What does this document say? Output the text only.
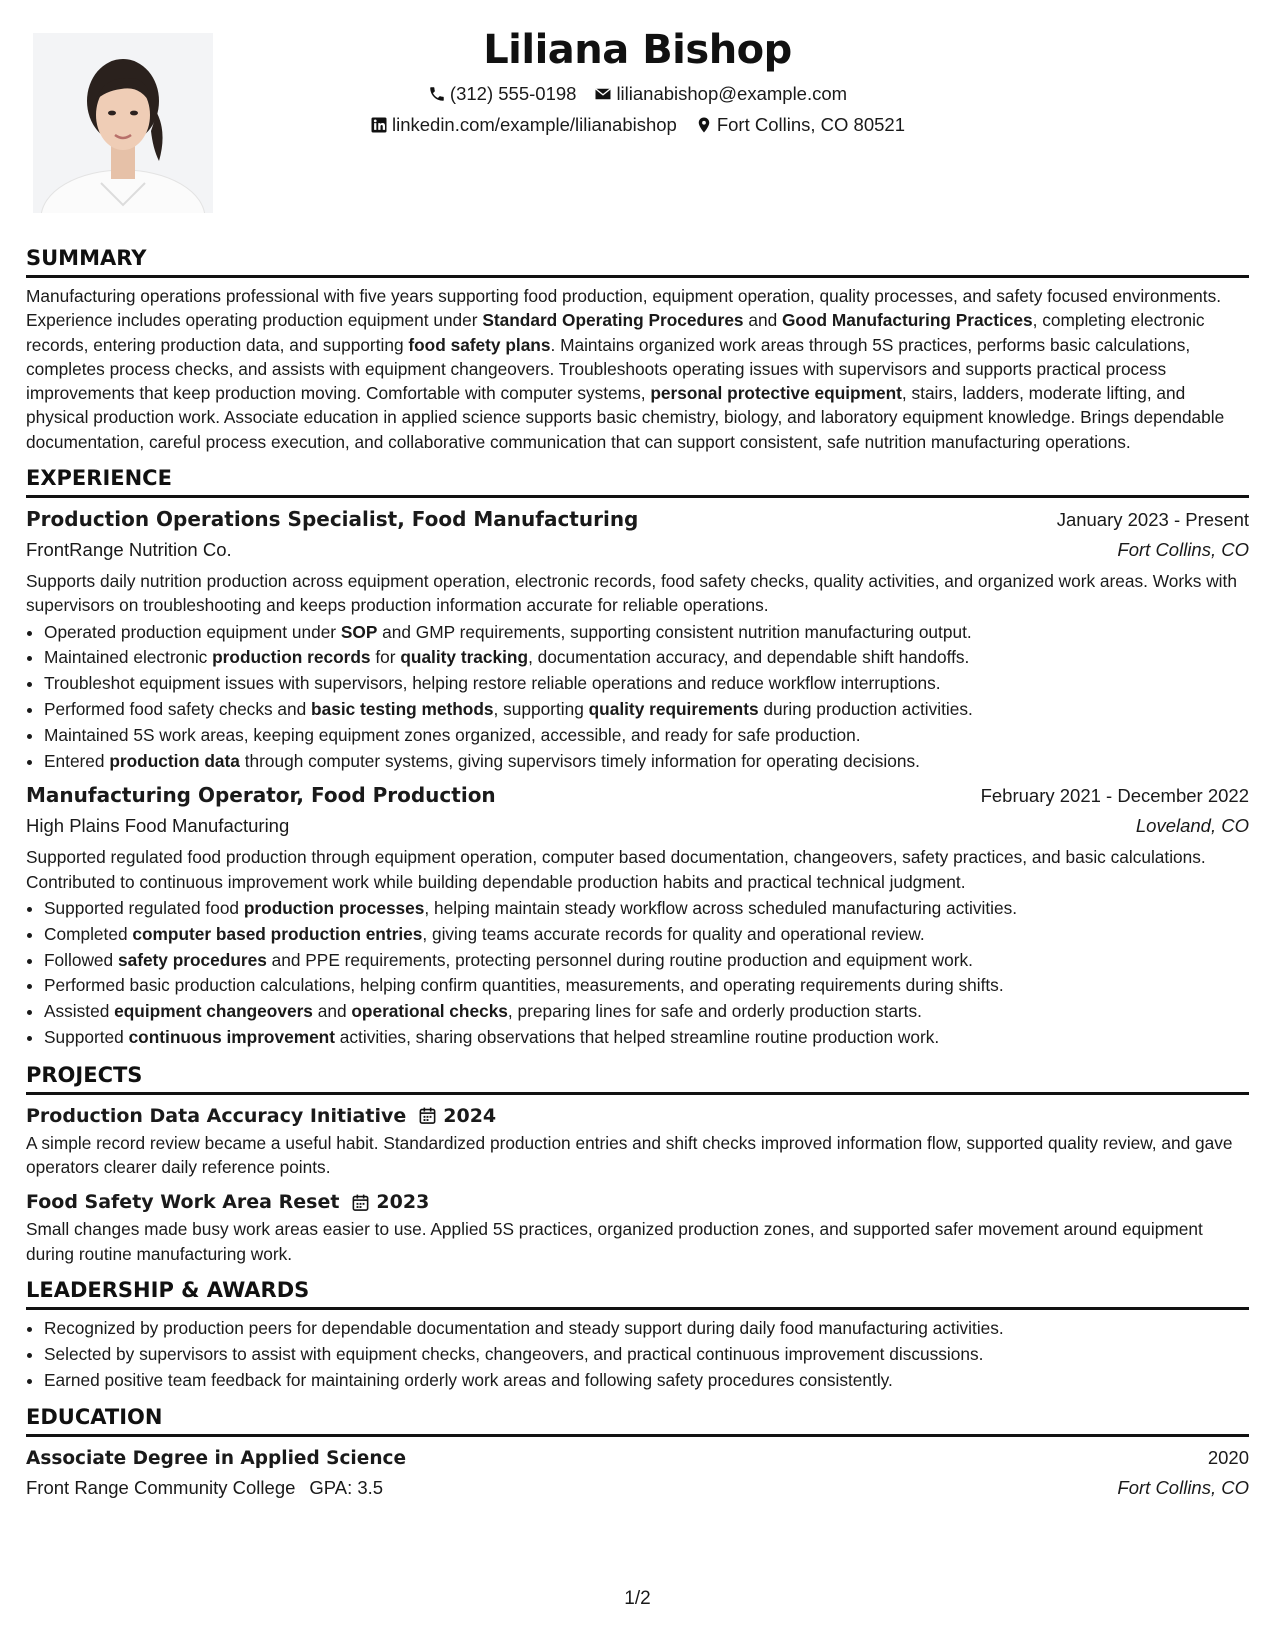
Liliana Bishop
(312) 555-0198 lilianabishop@example.com
linkedin.com/example/lilianabishop Fort Collins, CO 80521
SUMMARY

Manufacturing operations professional with five years supporting food production, equipment operation, quality processes, and safety focused environments. Experience includes operating production equipment under Standard Operating Procedures and Good Manufacturing Practices, completing electronic records, entering production data, and supporting food safety plans. Maintains organized work areas through 5S practices, performs basic calculations, completes process checks, and assists with equipment changeovers. Troubleshoots operating issues with supervisors and supports practical process improvements that keep production moving. Comfortable with computer systems, personal protective equipment, stairs, ladders, moderate lifting, and physical production work. Associate education in applied science supports basic chemistry, biology, and laboratory equipment knowledge. Brings dependable documentation, careful process execution, and collaborative communication that can support consistent, safe nutrition manufacturing operations.

EXPERIENCE
Production Operations Specialist, Food Manufacturing	January 2023 - Present
FrontRange Nutrition Co.	Fort Collins, CO

Supports daily nutrition production across equipment operation, electronic records, food safety checks, quality activities, and organized work areas. Works with supervisors on troubleshooting and keeps production information accurate for reliable operations.

• Operated production equipment under SOP and GMP requirements, supporting consistent nutrition manufacturing output.
• Maintained electronic production records for quality tracking, documentation accuracy, and dependable shift handoffs.
• Troubleshot equipment issues with supervisors, helping restore reliable operations and reduce workflow interruptions.
• Performed food safety checks and basic testing methods, supporting quality requirements during production activities.
• Maintained 5S work areas, keeping equipment zones organized, accessible, and ready for safe production.
• Entered production data through computer systems, giving supervisors timely information for operating decisions.
Manufacturing Operator, Food Production	February 2021 - December 2022
High Plains Food Manufacturing	Loveland, CO

Supported regulated food production through equipment operation, computer based documentation, changeovers, safety practices, and basic calculations. Contributed to continuous improvement work while building dependable production habits and practical technical judgment.

• Supported regulated food production processes, helping maintain steady workflow across scheduled manufacturing activities.
• Completed computer based production entries, giving teams accurate records for quality and operational review.
• Followed safety procedures and PPE requirements, protecting personnel during routine production and equipment work.
• Performed basic production calculations, helping confirm quantities, measurements, and operating requirements during shifts.
• Assisted equipment changeovers and operational checks, preparing lines for safe and orderly production starts.
• Supported continuous improvement activities, sharing observations that helped streamline routine production work.
PROJECTS
Production Data Accuracy Initiative 2024

A simple record review became a useful habit. Standardized production entries and shift checks improved information flow, supported quality review, and gave operators clearer daily reference points.

Food Safety Work Area Reset 2023

Small changes made busy work areas easier to use. Applied 5S practices, organized production zones, and supported safer movement around equipment during routine manufacturing work.

LEADERSHIP & AWARDS
• Recognized by production peers for dependable documentation and steady support during daily food manufacturing activities.
• Selected by supervisors to assist with equipment checks, changeovers, and practical continuous improvement discussions.
• Earned positive team feedback for maintaining orderly work areas and following safety procedures consistently.
EDUCATION
Associate Degree in Applied Science	2020
Front Range Community College GPA: 3.5	Fort Collins, CO
1/2
